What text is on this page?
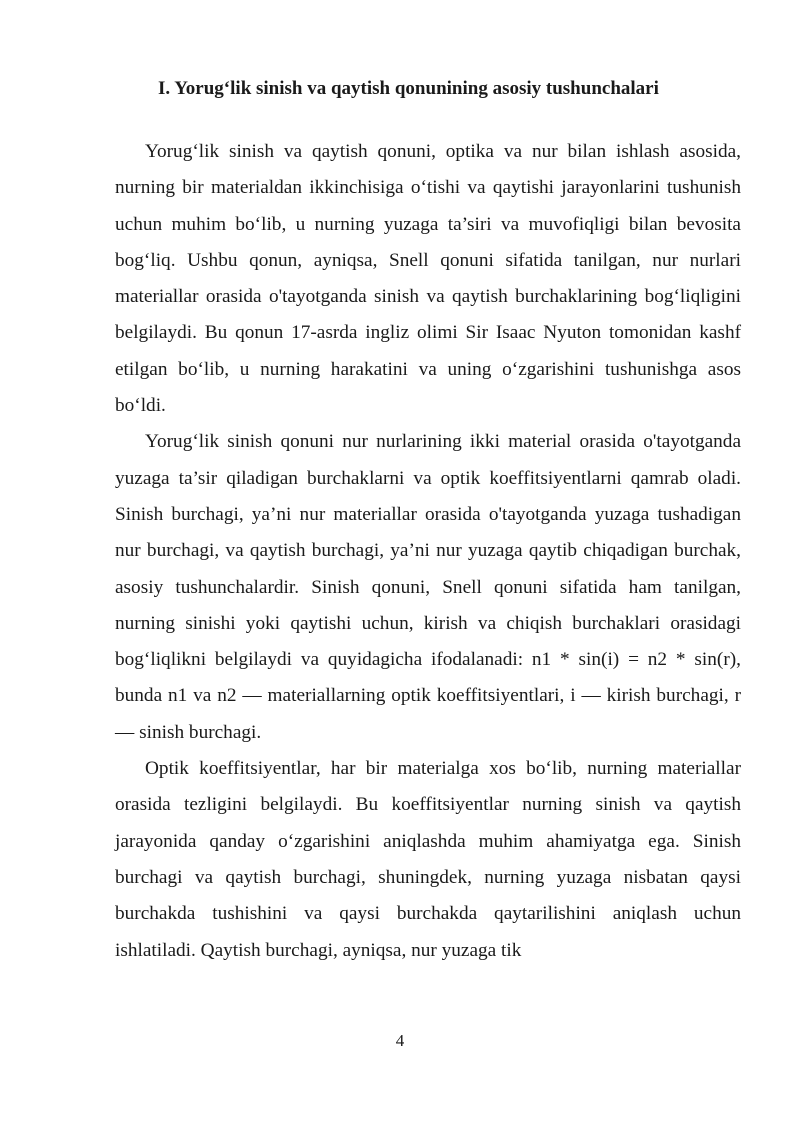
I. Yorug‘lik sinish va qaytish qonunining asosiy tushunchalari

Yorug‘lik sinish va qaytish qonuni, optika va nur bilan ishlash asosida, nurning bir materialdan ikkinchisiga o‘tishi va qaytishi jarayonlarini tushunish uchun muhim bo‘lib, u nurning yuzaga ta’siri va muvofiqligi bilan bevosita bog‘liq. Ushbu qonun, ayniqsa, Snell qonuni sifatida tanilgan, nur nurlari materiallar orasida o'tayotganda sinish va qaytish burchaklarining bog‘liqligini belgilaydi. Bu qonun 17-asrda ingliz olimi Sir Isaac Nyuton tomonidan kashf etilgan bo‘lib, u nurning harakatini va uning o‘zgarishini tushunishga asos bo‘ldi.

Yorug‘lik sinish qonuni nur nurlarining ikki material orasida o'tayotganda yuzaga ta’sir qiladigan burchaklarni va optik koeffitsiyentlarni qamrab oladi. Sinish burchagi, ya’ni nur materiallar orasida o'tayotganda yuzaga tushadigan nur burchagi, va qaytish burchagi, ya’ni nur yuzaga qaytib chiqadigan burchak, asosiy tushunchalardir. Sinish qonuni, Snell qonuni sifatida ham tanilgan, nurning sinishi yoki qaytishi uchun, kirish va chiqish burchaklari orasidagi bog‘liqlikni belgilaydi va quyidagicha ifodalanadi: n1 * sin(i) = n2 * sin(r), bunda n1 va n2 — materiallarning optik koeffitsiyentlari, i — kirish burchagi, r — sinish burchagi.

Optik koeffitsiyentlar, har bir materialga xos bo‘lib, nurning materiallar orasida tezligini belgilaydi. Bu koeffitsiyentlar nurning sinish va qaytish jarayonida qanday o‘zgarishini aniqlashda muhim ahamiyatga ega. Sinish burchagi va qaytish burchagi, shuningdek, nurning yuzaga nisbatan qaysi burchakda tushishini va qaysi burchakda qaytarilishini aniqlash uchun ishlatiladi. Qaytish burchagi, ayniqsa, nur yuzaga tik

4
